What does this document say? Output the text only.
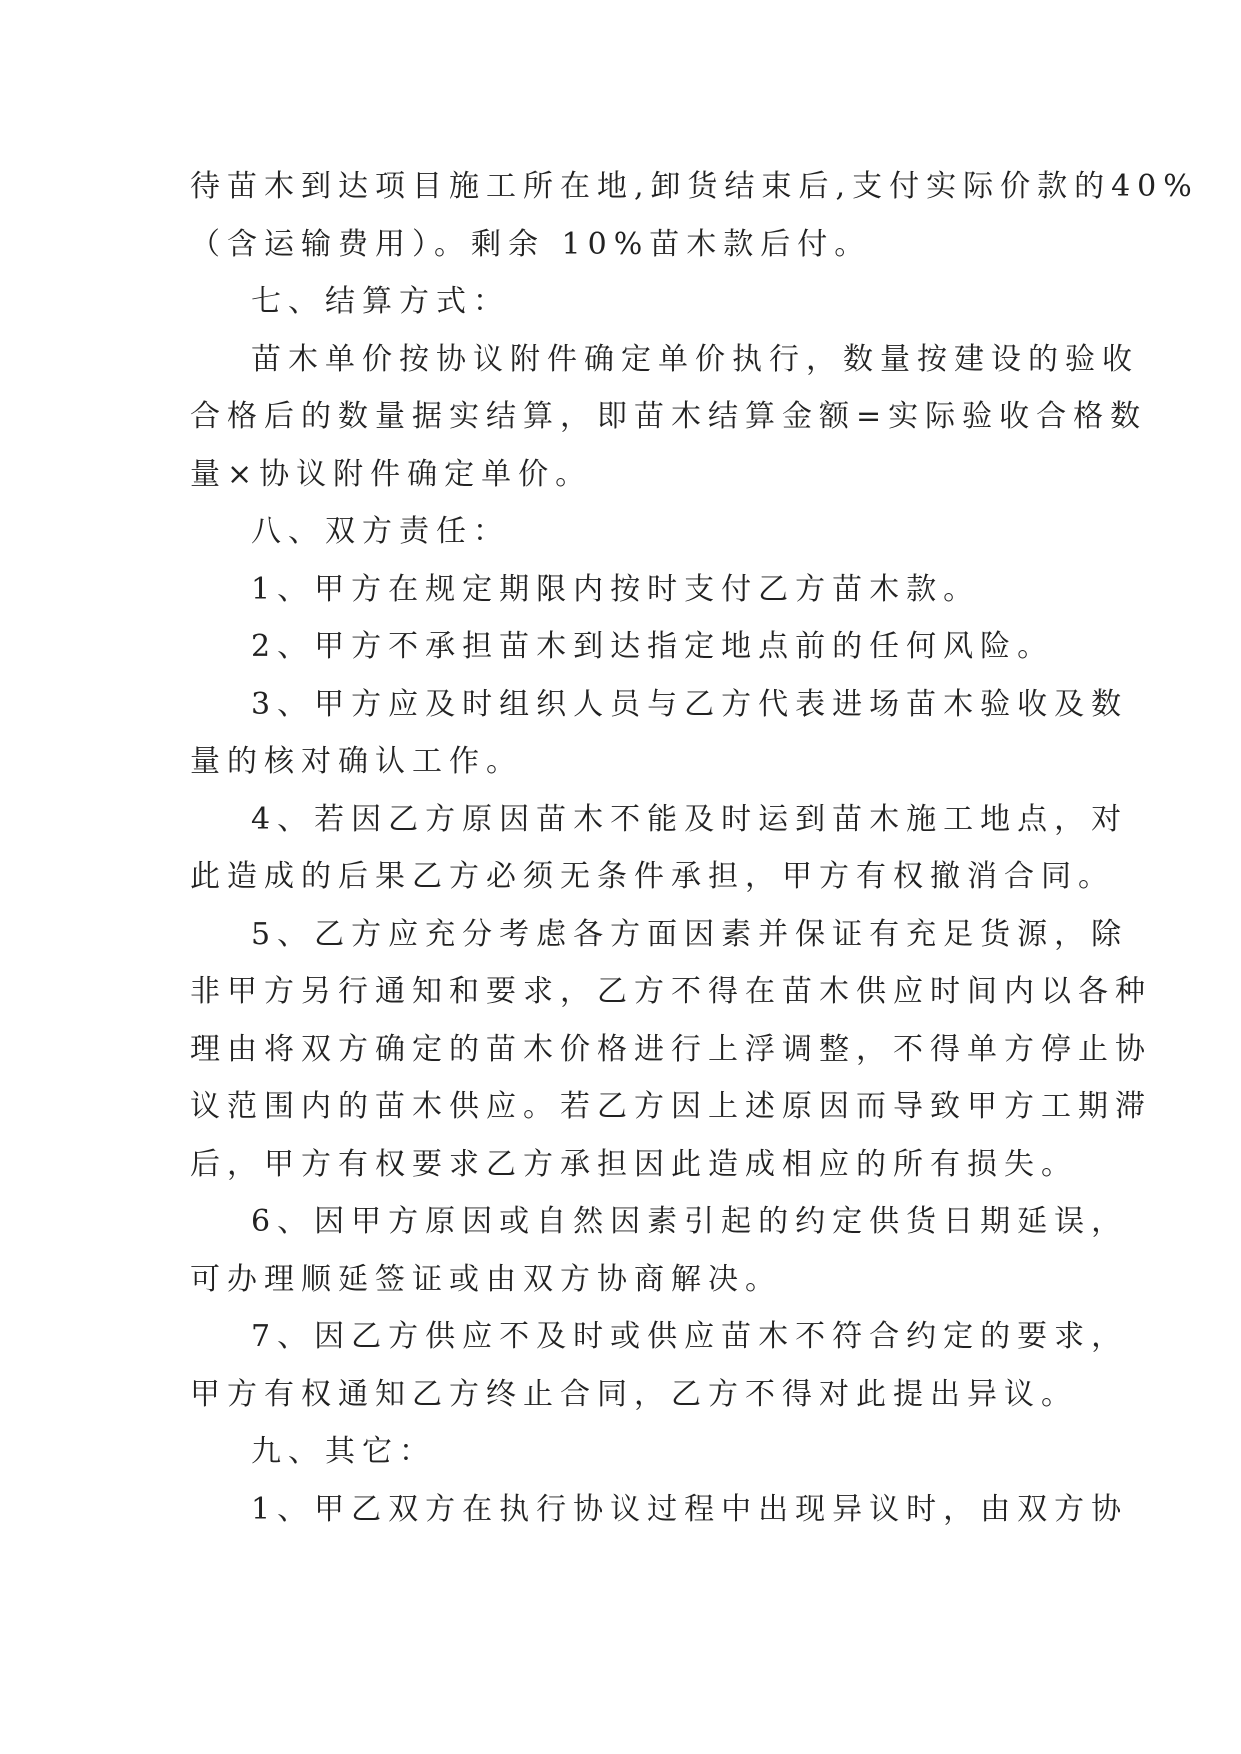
待苗木到达项目施工所在地,卸货结束后,支付实际价款的40%
（含运输费用）。剩余 10%苗木款后付。
七、结算方式：
苗木单价按协议附件确定单价执行，数量按建设的验收
合格后的数量据实结算，即苗木结算金额=实际验收合格数
量×协议附件确定单价。
八、双方责任：
1、甲方在规定期限内按时支付乙方苗木款。
2、甲方不承担苗木到达指定地点前的任何风险。
3、甲方应及时组织人员与乙方代表进场苗木验收及数
量的核对确认工作。
4、若因乙方原因苗木不能及时运到苗木施工地点，对
此造成的后果乙方必须无条件承担，甲方有权撤消合同。
5、乙方应充分考虑各方面因素并保证有充足货源，除
非甲方另行通知和要求，乙方不得在苗木供应时间内以各种
理由将双方确定的苗木价格进行上浮调整，不得单方停止协
议范围内的苗木供应。若乙方因上述原因而导致甲方工期滞
后，甲方有权要求乙方承担因此造成相应的所有损失。
6、因甲方原因或自然因素引起的约定供货日期延误，
可办理顺延签证或由双方协商解决。
7、因乙方供应不及时或供应苗木不符合约定的要求，
甲方有权通知乙方终止合同，乙方不得对此提出异议。
九、其它：
1、甲乙双方在执行协议过程中出现异议时，由双方协
